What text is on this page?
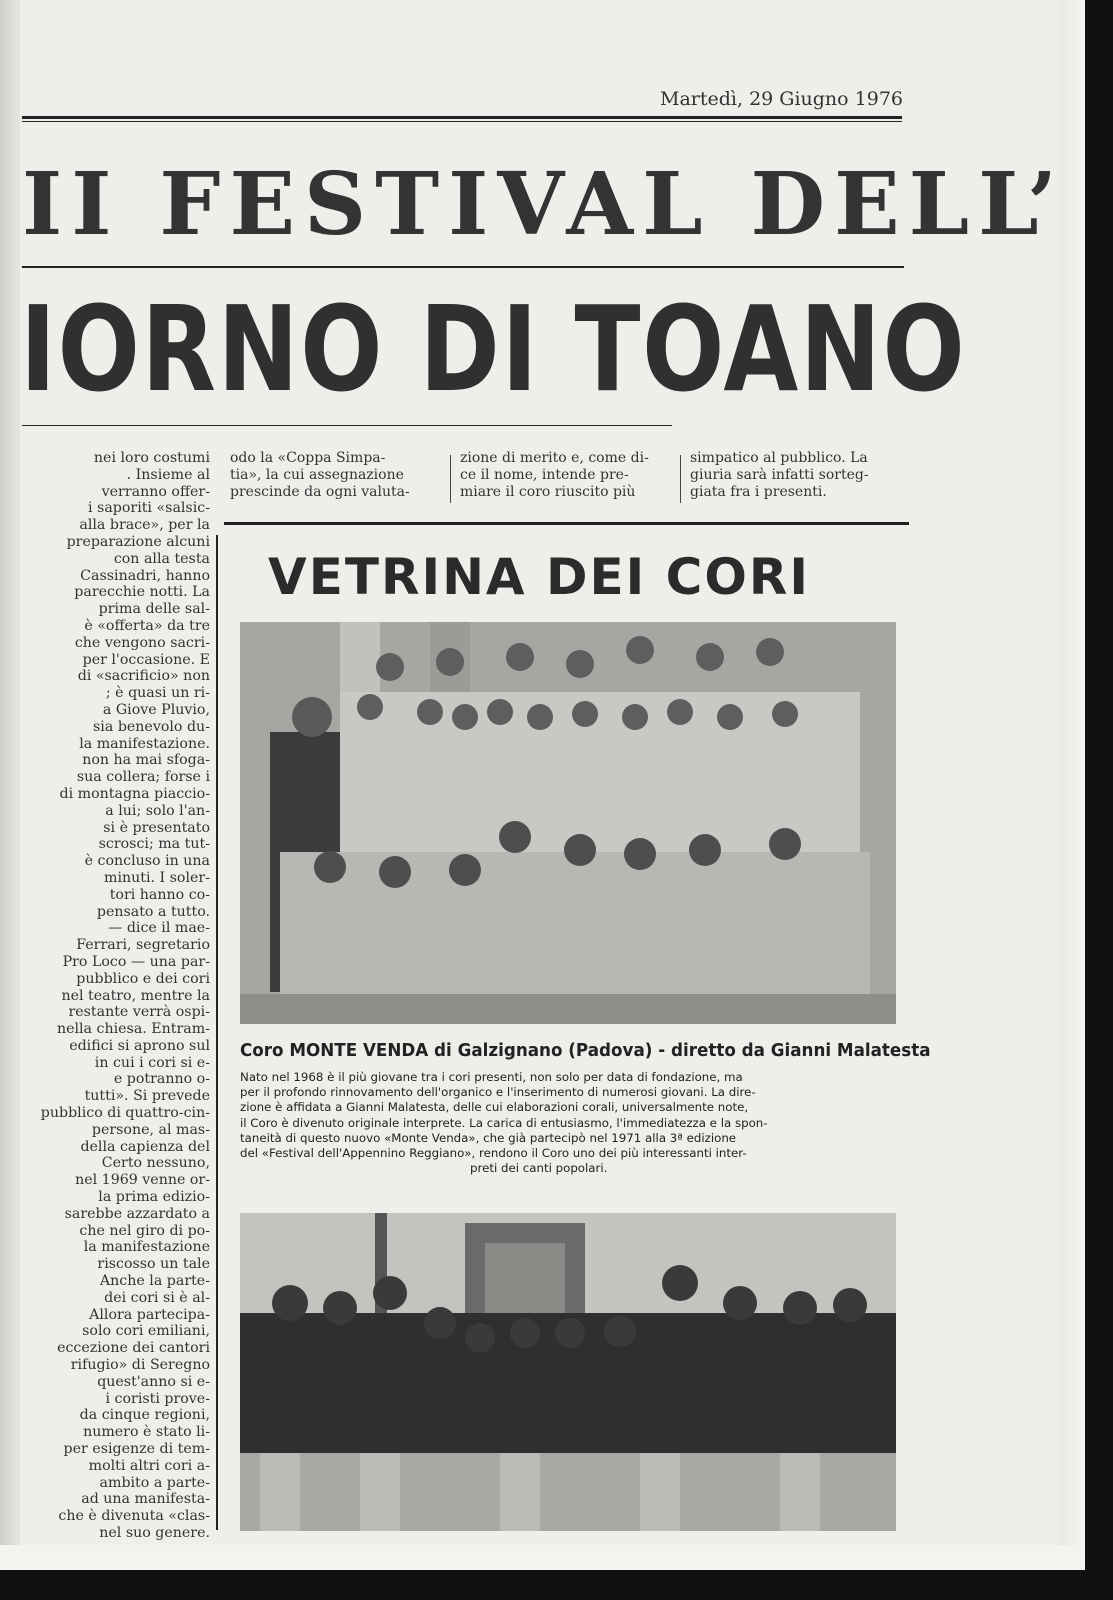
Martedì, 29 Giugno 1976
II FESTIVAL DELL’
IORNO DI TOANO
nei loro costumi
. Insieme al
verranno offer-
i saporiti «salsic-
alla brace», per la
preparazione alcuni
con alla testa
Cassinadri, hanno
parecchie notti. La
prima delle sal-
è «offerta» da tre
che vengono sacri-
per l'occasione. E
di «sacrificio» non
; è quasi un ri-
a Giove Pluvio,
sia benevolo du-
la manifestazione.
non ha mai sfoga-
sua collera; forse i
di montagna piaccio-
a lui; solo l'an-
si è presentato
scrosci; ma tut-
è concluso in una
minuti. I soler-
tori hanno co-
pensato a tutto.
— dice il mae-
Ferrari, segretario
Pro Loco — una par-
pubblico e dei cori
nel teatro, mentre la
restante verrà ospi-
nella chiesa. Entram-
edifici si aprono sul
in cui i cori si e-
e potranno o-
tutti». Si prevede
pubblico di quattro-cin-
persone, al mas-
della capienza del
Certo nessuno,
nel 1969 venne or-
la prima edizio-
sarebbe azzardato a
che nel giro di po-
la manifestazione
riscosso un tale
Anche la parte-
dei cori si è al-
Allora partecipa-
solo cori emiliani,
eccezione dei cantori
rifugio» di Seregno
quest'anno si e-
i coristi prove-
da cinque regioni,
numero è stato li-
per esigenze di tem-
molti altri cori a-
ambito a parte-
ad una manifesta-
che è divenuta «clas-
nel suo genere.
odo la «Coppa Simpa-
tia», la cui assegnazione
prescinde da ogni valuta-
zione di merito e, come di-
ce il nome, intende pre-
miare il coro riuscito più
simpatico al pubblico. La
giuria sarà infatti sorteg-
giata fra i presenti.
VETRINA DEI CORI
Coro MONTE VENDA di Galzignano (Padova) - diretto da Gianni Malatesta
Nato nel 1968 è il più giovane tra i cori presenti, non solo per data di fondazione, ma
per il profondo rinnovamento dell'organico e l'inserimento di numerosi giovani. La dire-
zione è affidata a Gianni Malatesta, delle cui elaborazioni corali, universalmente note,
il Coro è divenuto originale interprete. La carica di entusiasmo, l'immediatezza e la spon-
taneità di questo nuovo «Monte Venda», che già partecipò nel 1971 alla 3ª edizione
del «Festival dell'Appennino Reggiano», rendono il Coro uno dei più interessanti inter-
preti dei canti popolari.
